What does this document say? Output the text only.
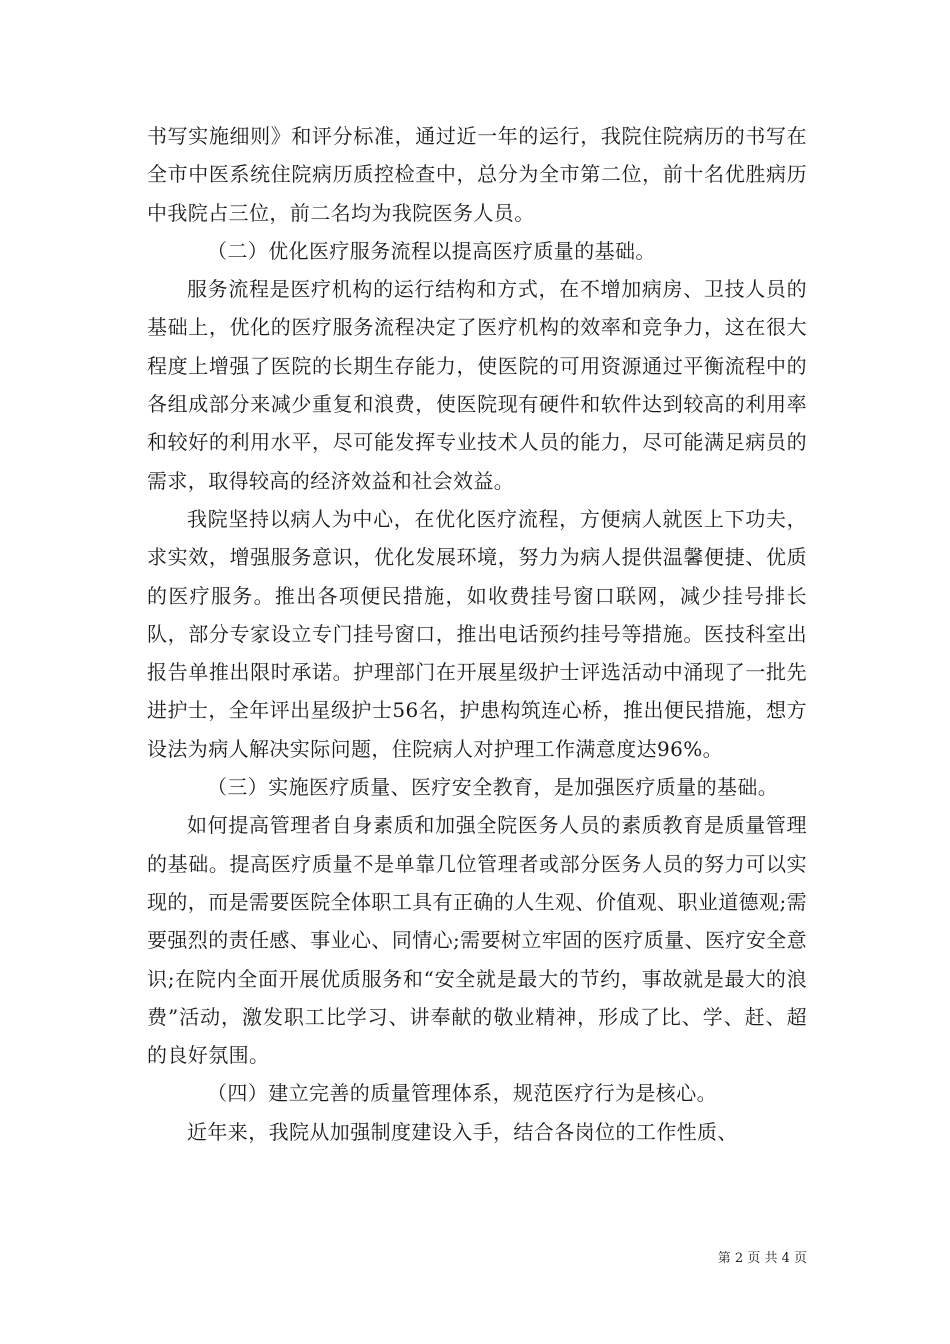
书写实施细则》和评分标准，通过近一年的运行，我院住院病历的书写在全市中医系统住院病历质控检查中，总分为全市第二位，前十名优胜病历中我院占三位，前二名均为我院医务人员。

（二）优化医疗服务流程以提高医疗质量的基础。

服务流程是医疗机构的运行结构和方式，在不增加病房、卫技人员的基础上，优化的医疗服务流程决定了医疗机构的效率和竞争力，这在很大程度上增强了医院的长期生存能力，使医院的可用资源通过平衡流程中的各组成部分来减少重复和浪费，使医院现有硬件和软件达到较高的利用率和较好的利用水平，尽可能发挥专业技术人员的能力，尽可能满足病员的需求，取得较高的经济效益和社会效益。

我院坚持以病人为中心，在优化医疗流程，方便病人就医上下功夫，求实效，增强服务意识，优化发展环境，努力为病人提供温馨便捷、优质的医疗服务。推出各项便民措施，如收费挂号窗口联网，减少挂号排长队，部分专家设立专门挂号窗口，推出电话预约挂号等措施。医技科室出报告单推出限时承诺。护理部门在开展星级护士评选活动中涌现了一批先进护士，全年评出星级护士56名，护患构筑连心桥，推出便民措施，想方设法为病人解决实际问题，住院病人对护理工作满意度达96%。

（三）实施医疗质量、医疗安全教育，是加强医疗质量的基础。

如何提高管理者自身素质和加强全院医务人员的素质教育是质量管理的基础。提高医疗质量不是单靠几位管理者或部分医务人员的努力可以实现的，而是需要医院全体职工具有正确的人生观、价值观、职业道德观;需要强烈的责任感、事业心、同情心;需要树立牢固的医疗质量、医疗安全意识;在院内全面开展优质服务和“安全就是最大的节约，事故就是最大的浪费”活动，激发职工比学习、讲奉献的敬业精神，形成了比、学、赶、超的良好氛围。

（四）建立完善的质量管理体系，规范医疗行为是核心。

近年来，我院从加强制度建设入手，结合各岗位的工作性质、

第 2 页 共 4 页
